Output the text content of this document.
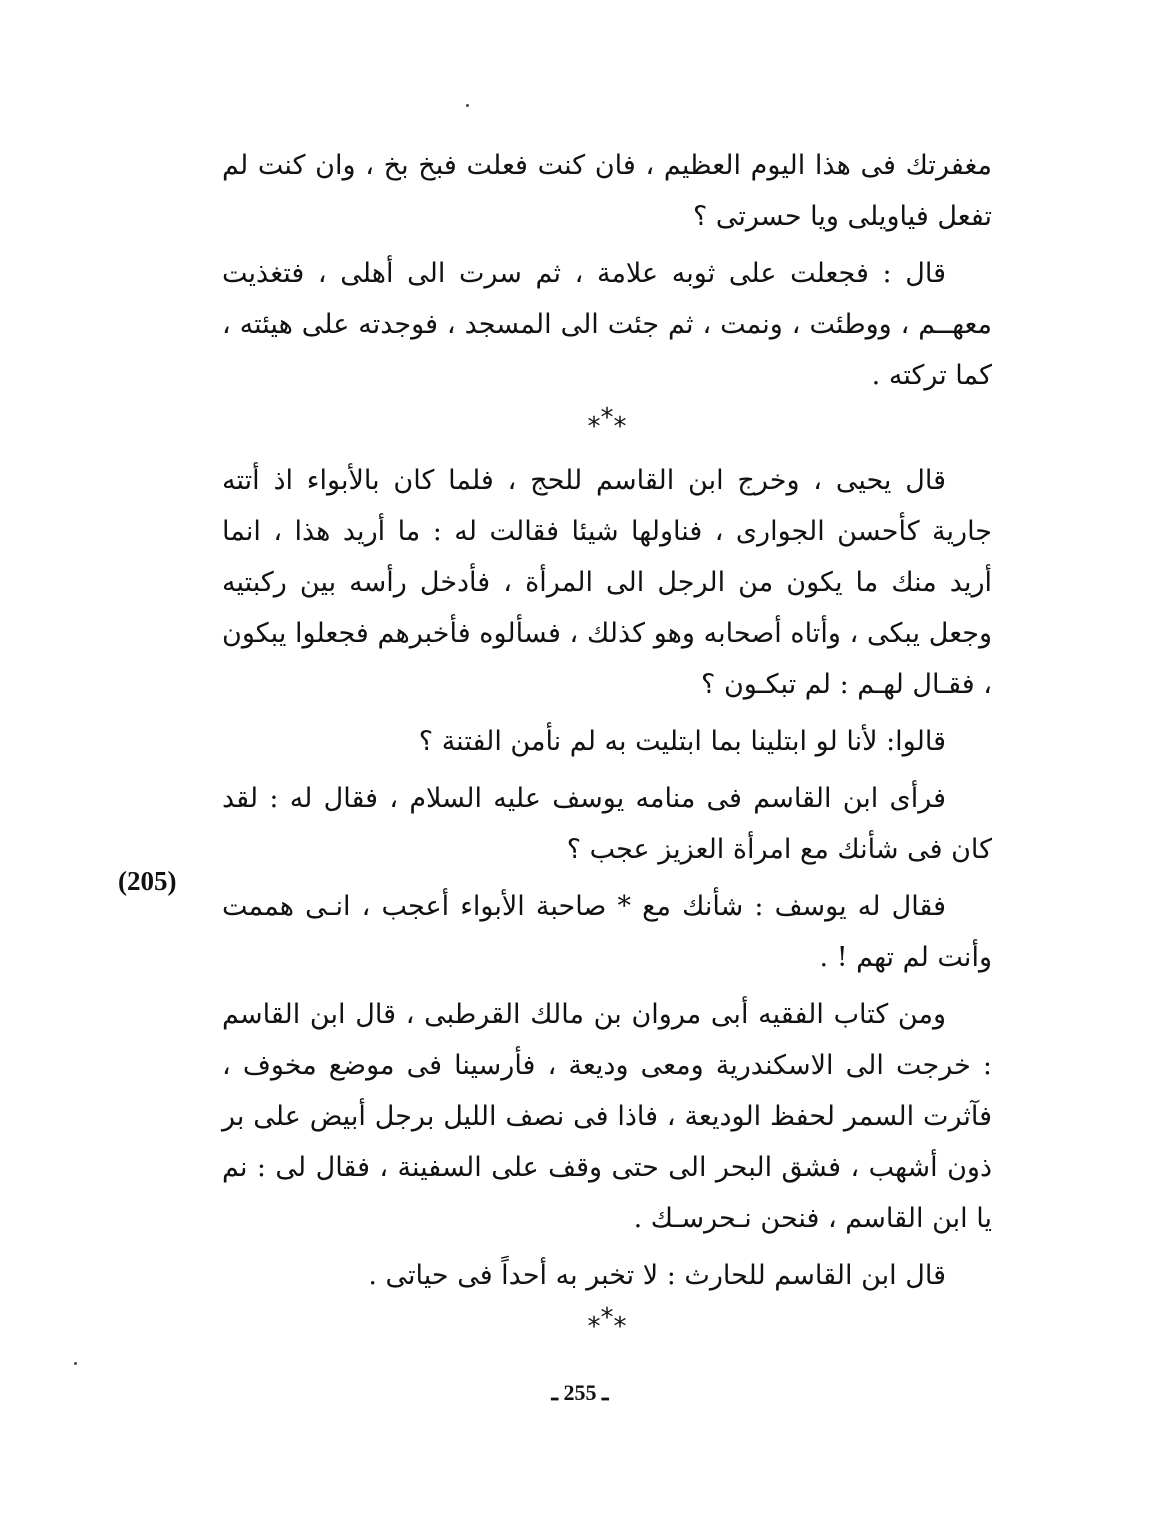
مغفرتك فى هذا اليوم العظيم ، فان كنت فعلت فبخ بخ ، وان كنت لم تفعل فياويلى ويا حسرتى ؟

قال : فجعلت على ثوبه علامة ، ثم سرت الى أهلى ، فتغذيت معهــم ، ووطئت ، ونمت ، ثم جئت الى المسجد ، فوجدته على هيئته ، كما تركته .

***

قال يحيى ، وخرج ابن القاسم للحج ، فلما كان بالأبواء اذ أتته جارية كأحسن الجوارى ، فناولها شيئا فقالت له : ما أريد هذا ، انما أريد منك ما يكون من الرجل الى المرأة ، فأدخل رأسه بين ركبتيه وجعل يبكى ، وأتاه أصحابه وهو كذلك ، فسألوه فأخبرهم فجعلوا يبكون ، فقـال لهـم : لم تبكـون ؟

قالوا: لأنا لو ابتلينا بما ابتليت به لم نأمن الفتنة ؟

فرأى ابن القاسم فى منامه يوسف عليه السلام ، فقال له : لقد كان فى شأنك مع امرأة العزيز عجب ؟

فقال له يوسف : شأنك مع * صاحبة الأبواء أعجب ، انـى هممت وأنت لم تهم ! .

ومن كتاب الفقيه أبى مروان بن مالك القرطبى ، قال ابن القاسم : خرجت الى الاسكندرية ومعى وديعة ، فأرسينا فى موضع مخوف ، فآثرت السمر لحفظ الوديعة ، فاذا فى نصف الليل برجل أبيض على بر ذون أشهب ، فشق البحر الى حتى وقف على السفينة ، فقال لى : نم يا ابن القاسم ، فنحن نـحرسـك .

قال ابن القاسم للحارث : لا تخبر به أحداً فى حياتى .

***
(205)
ـ 255 ـ
